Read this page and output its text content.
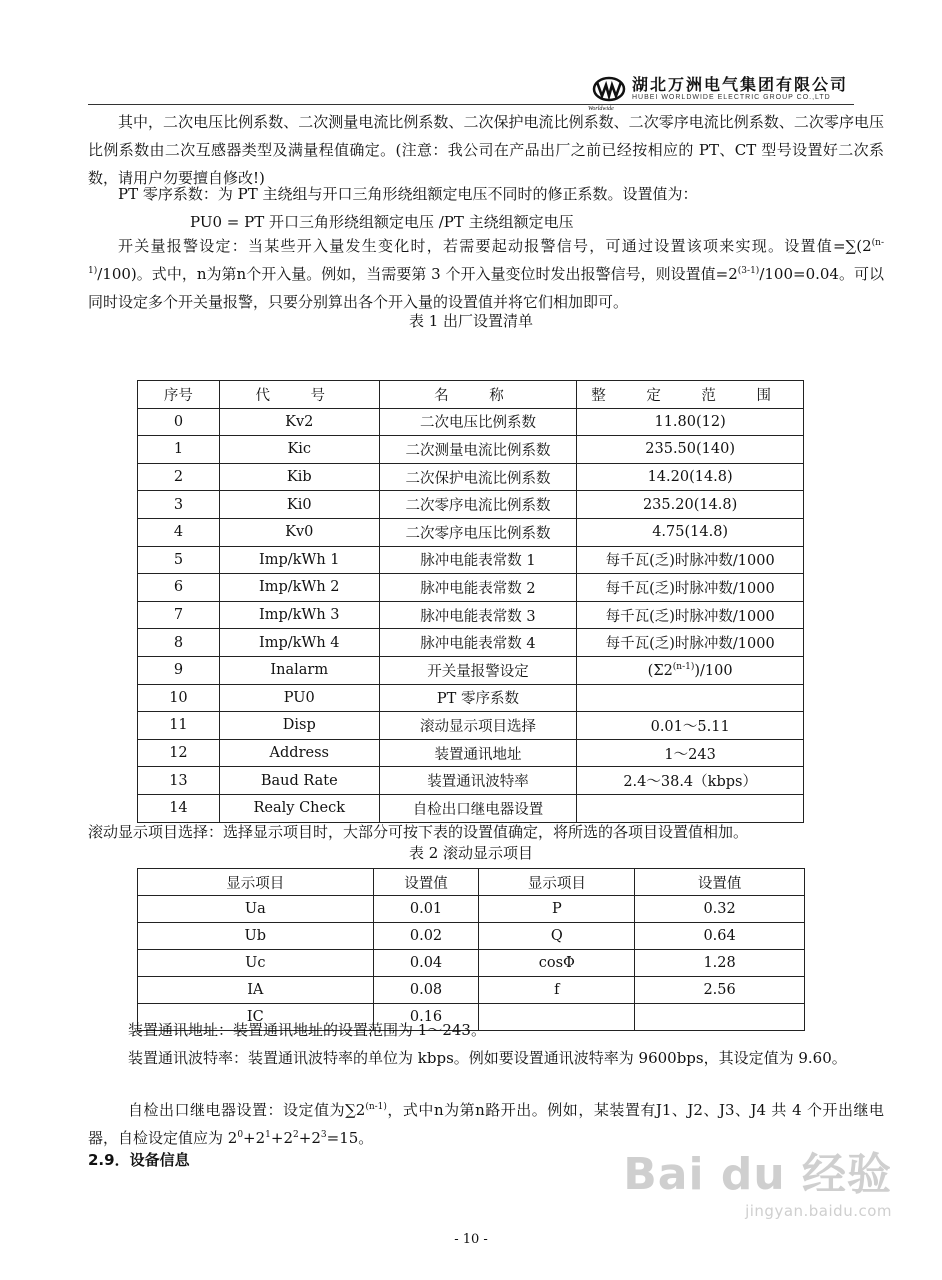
Worldwide
湖北万洲电气集团有限公司
HUBEI WORLDWIDE ELECTRIC GROUP CO.,LTD
其中，二次电压比例系数、二次测量电流比例系数、二次保护电流比例系数、二次零序电流比例系数、二次零序电压比例系数由二次互感器类型及满量程值确定。(注意：我公司在产品出厂之前已经按相应的 PT、CT 型号设置好二次系数，请用户勿要擅自修改!)
PT 零序系数：为 PT 主绕组与开口三角形绕组额定电压不同时的修正系数。设置值为：
PU0 = PT 开口三角形绕组额定电压 /PT 主绕组额定电压
开关量报警设定：当某些开入量发生变化时，若需要起动报警信号，可通过设置该项来实现。设置值$=\sum(2^{(n-1)}/100)$。式中，n为第n个开入量。例如，当需要第 3 个开入量变位时发出报警信号，则设置值$=2^{(3-1)}/100=0.04$。可以同时设定多个开关量报警，只要分别算出各个开入量的设置值并将它们相加即可。
表 1 出厂设置清单
序号	代 号	名 称	整 定 范 围
0	Kv2	二次电压比例系数	11.80(12)
1	Kic	二次测量电流比例系数	235.50(140)
2	Kib	二次保护电流比例系数	14.20(14.8)
3	Ki0	二次零序电流比例系数	235.20(14.8)
4	Kv0	二次零序电压比例系数	4.75(14.8)
5	Imp/kWh 1	脉冲电能表常数 1	每千瓦(乏)时脉冲数/1000
6	Imp/kWh 2	脉冲电能表常数 2	每千瓦(乏)时脉冲数/1000
7	Imp/kWh 3	脉冲电能表常数 3	每千瓦(乏)时脉冲数/1000
8	Imp/kWh 4	脉冲电能表常数 4	每千瓦(乏)时脉冲数/1000
9	Inalarm	开关量报警设定	(Σ2$^{(n-1)}$)/100
10	PU0	PT 零序系数	
11	Disp	滚动显示项目选择	0.01～5.11
12	Address	装置通讯地址	1～243
13	Baud Rate	装置通讯波特率	2.4～38.4（kbps）
14	Realy Check	自检出口继电器设置	
滚动显示项目选择：选择显示项目时，大部分可按下表的设置值确定，将所选的各项目设置值相加。
表 2 滚动显示项目
显示项目	设置值	显示项目	设置值
Ua	0.01	P	0.32
Ub	0.02	Q	0.64
Uc	0.04	cosΦ	1.28
IA	0.08	f	2.56
IC	0.16		
装置通讯地址：装置通讯地址的设置范围为 1～243。
装置通讯波特率：装置通讯波特率的单位为 kbps。例如要设置通讯波特率为 9600bps，其设定值为 9.60。
自检出口继电器设置：设定值为∑2$^{(n-1)}$，式中n为第n路开出。例如，某装置有J1、J2、J3、J4 共 4 个开出继电器，自检设定值应为 $2^0+2^1+2^2+2^3=15$。
2.9．设备信息	Bai du 经验
jingyan.baidu.com
- 10 -
